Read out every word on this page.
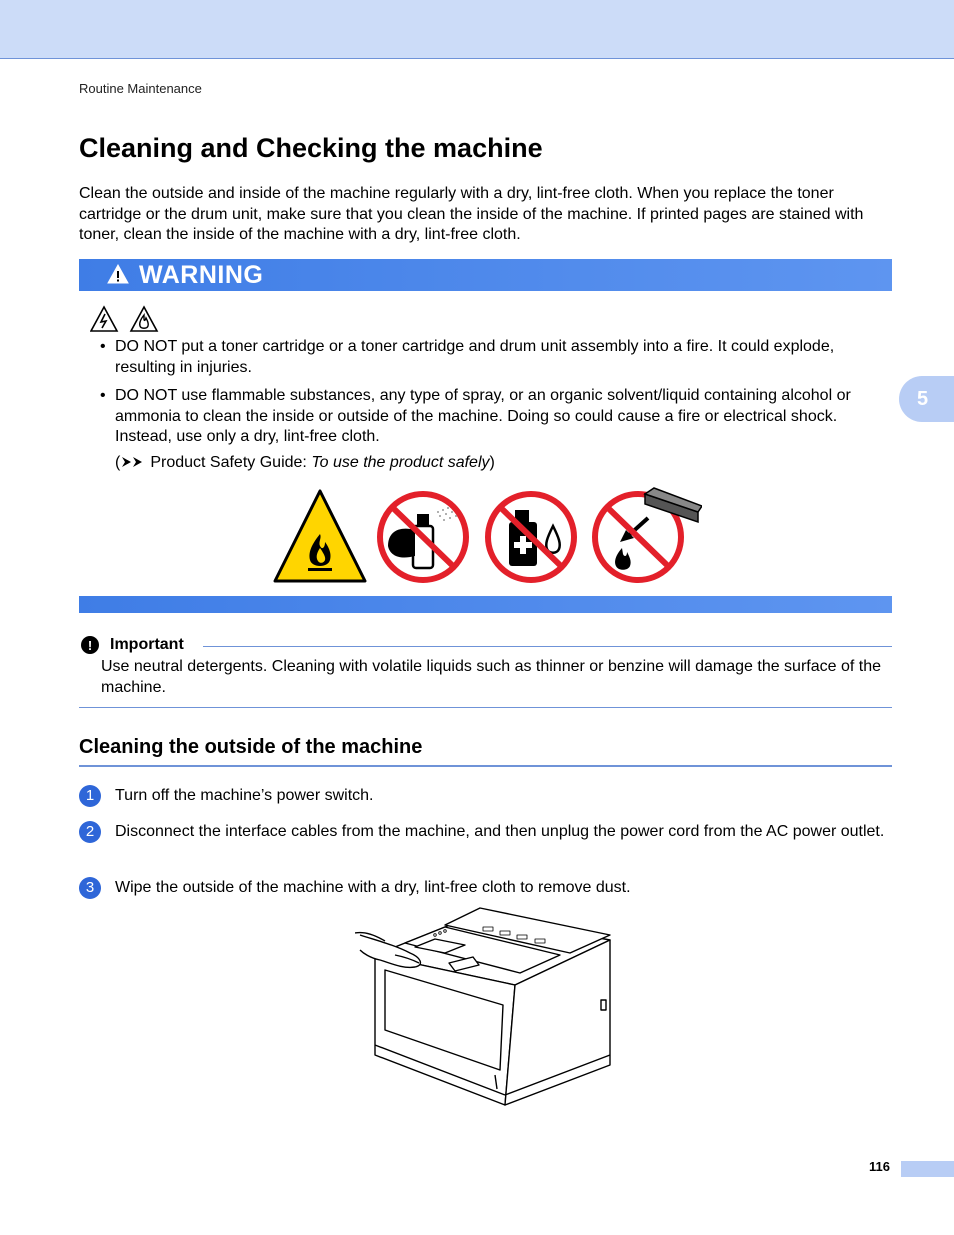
Routine Maintenance
5
Cleaning and Checking the machine

Clean the outside and inside of the machine regularly with a dry, lint-free cloth. When you replace the toner cartridge or the drum unit, make sure that you clean the inside of the machine. If printed pages are stained with toner, clean the inside of the machine with a dry, lint-free cloth.

WARNING
• DO NOT put a toner cartridge or a toner cartridge and drum unit assembly into a fire. It could explode, resulting in injuries.
• DO NOT use flammable substances, any type of spray, or an organic solvent/liquid containing alcohol or ammonia to clean the inside or outside of the machine. Doing so could cause a fire or electrical shock. Instead, use only a dry, lint-free cloth.
( Product Safety Guide: To use the product safely)
!	Important

Use neutral detergents. Cleaning with volatile liquids such as thinner or benzine will damage the surface of the machine.

Cleaning the outside of the machine
1	Turn off the machine’s power switch.
2	Disconnect the interface cables from the machine, and then unplug the power cord from the AC power outlet.
3	Wipe the outside of the machine with a dry, lint-free cloth to remove dust.
116
